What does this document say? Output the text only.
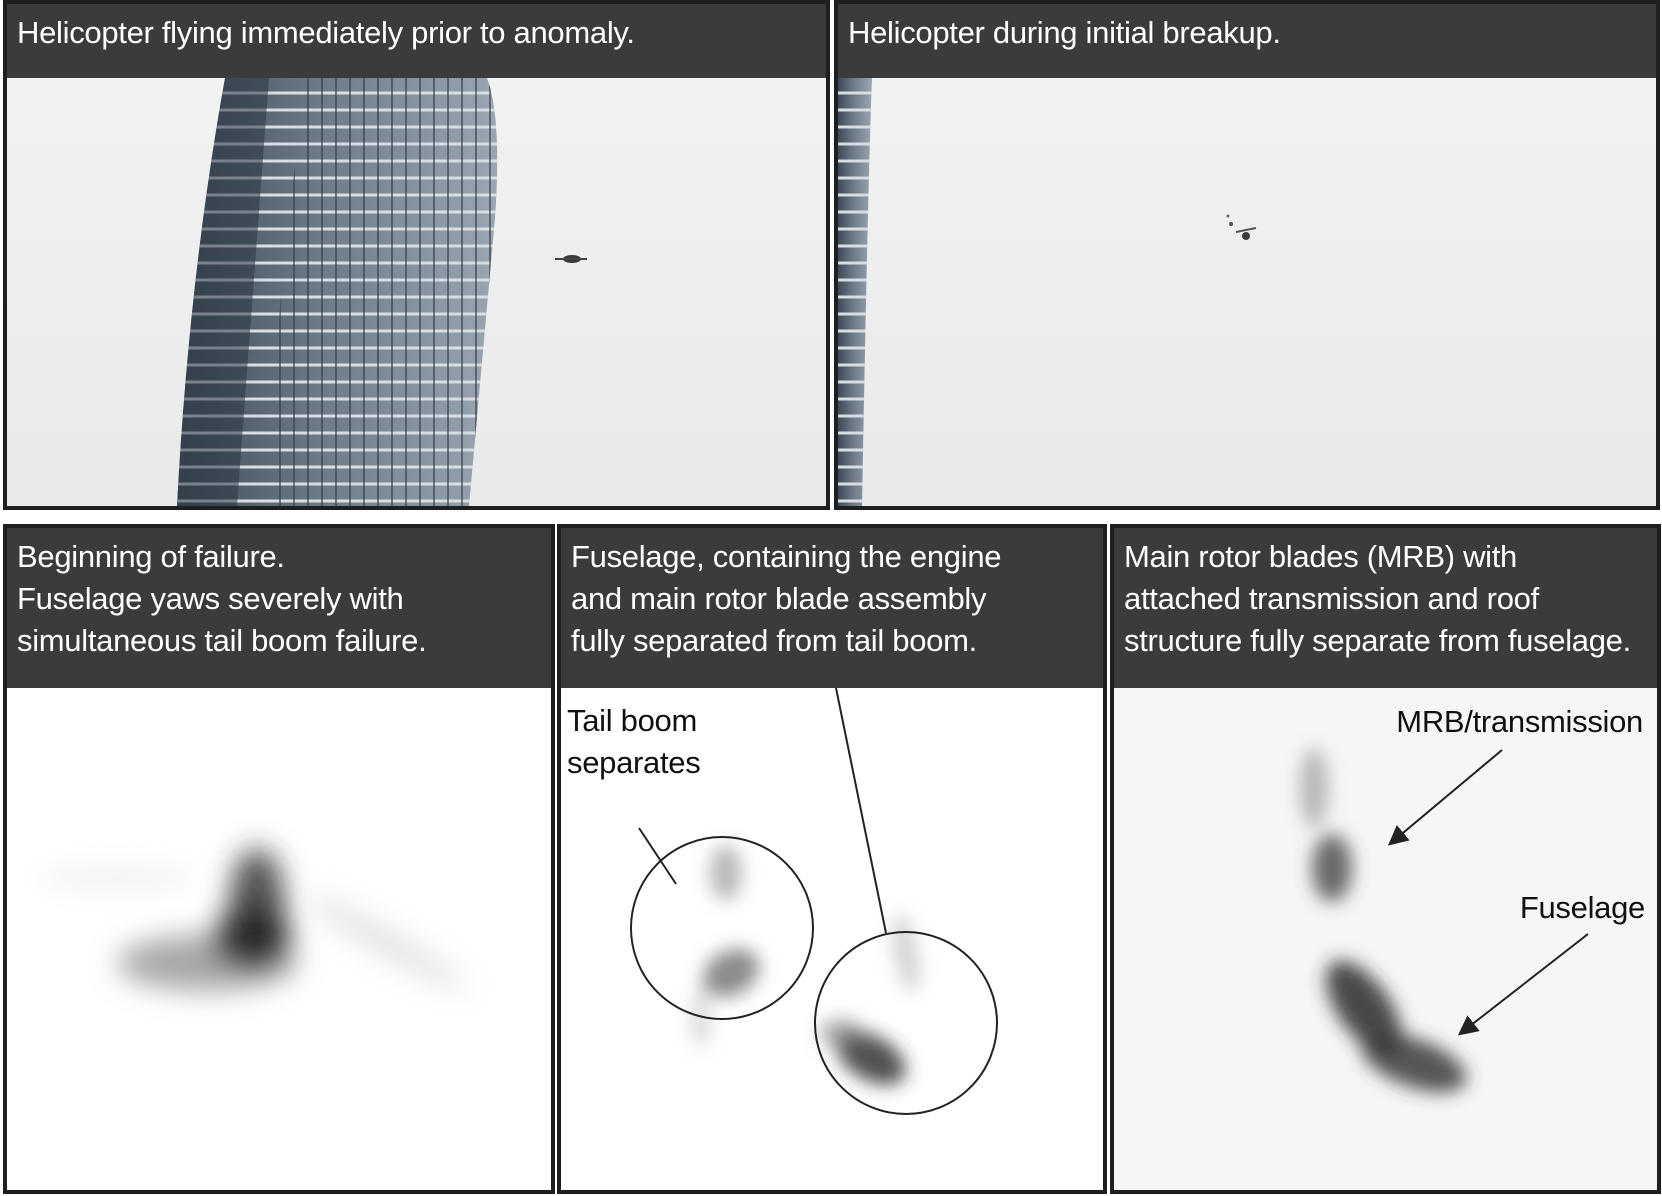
Helicopter flying immediately prior to anomaly.	Helicopter during initial breakup.
Beginning of failure.
Fuselage yaws severely with
simultaneous tail boom failure.
Fuselage, containing the engine
and main rotor blade assembly
fully separated from tail boom.
Tail boom
separates
Main rotor blades (MRB) with
attached transmission and roof
structure fully separate from fuselage.
MRB/transmission
Fuselage
